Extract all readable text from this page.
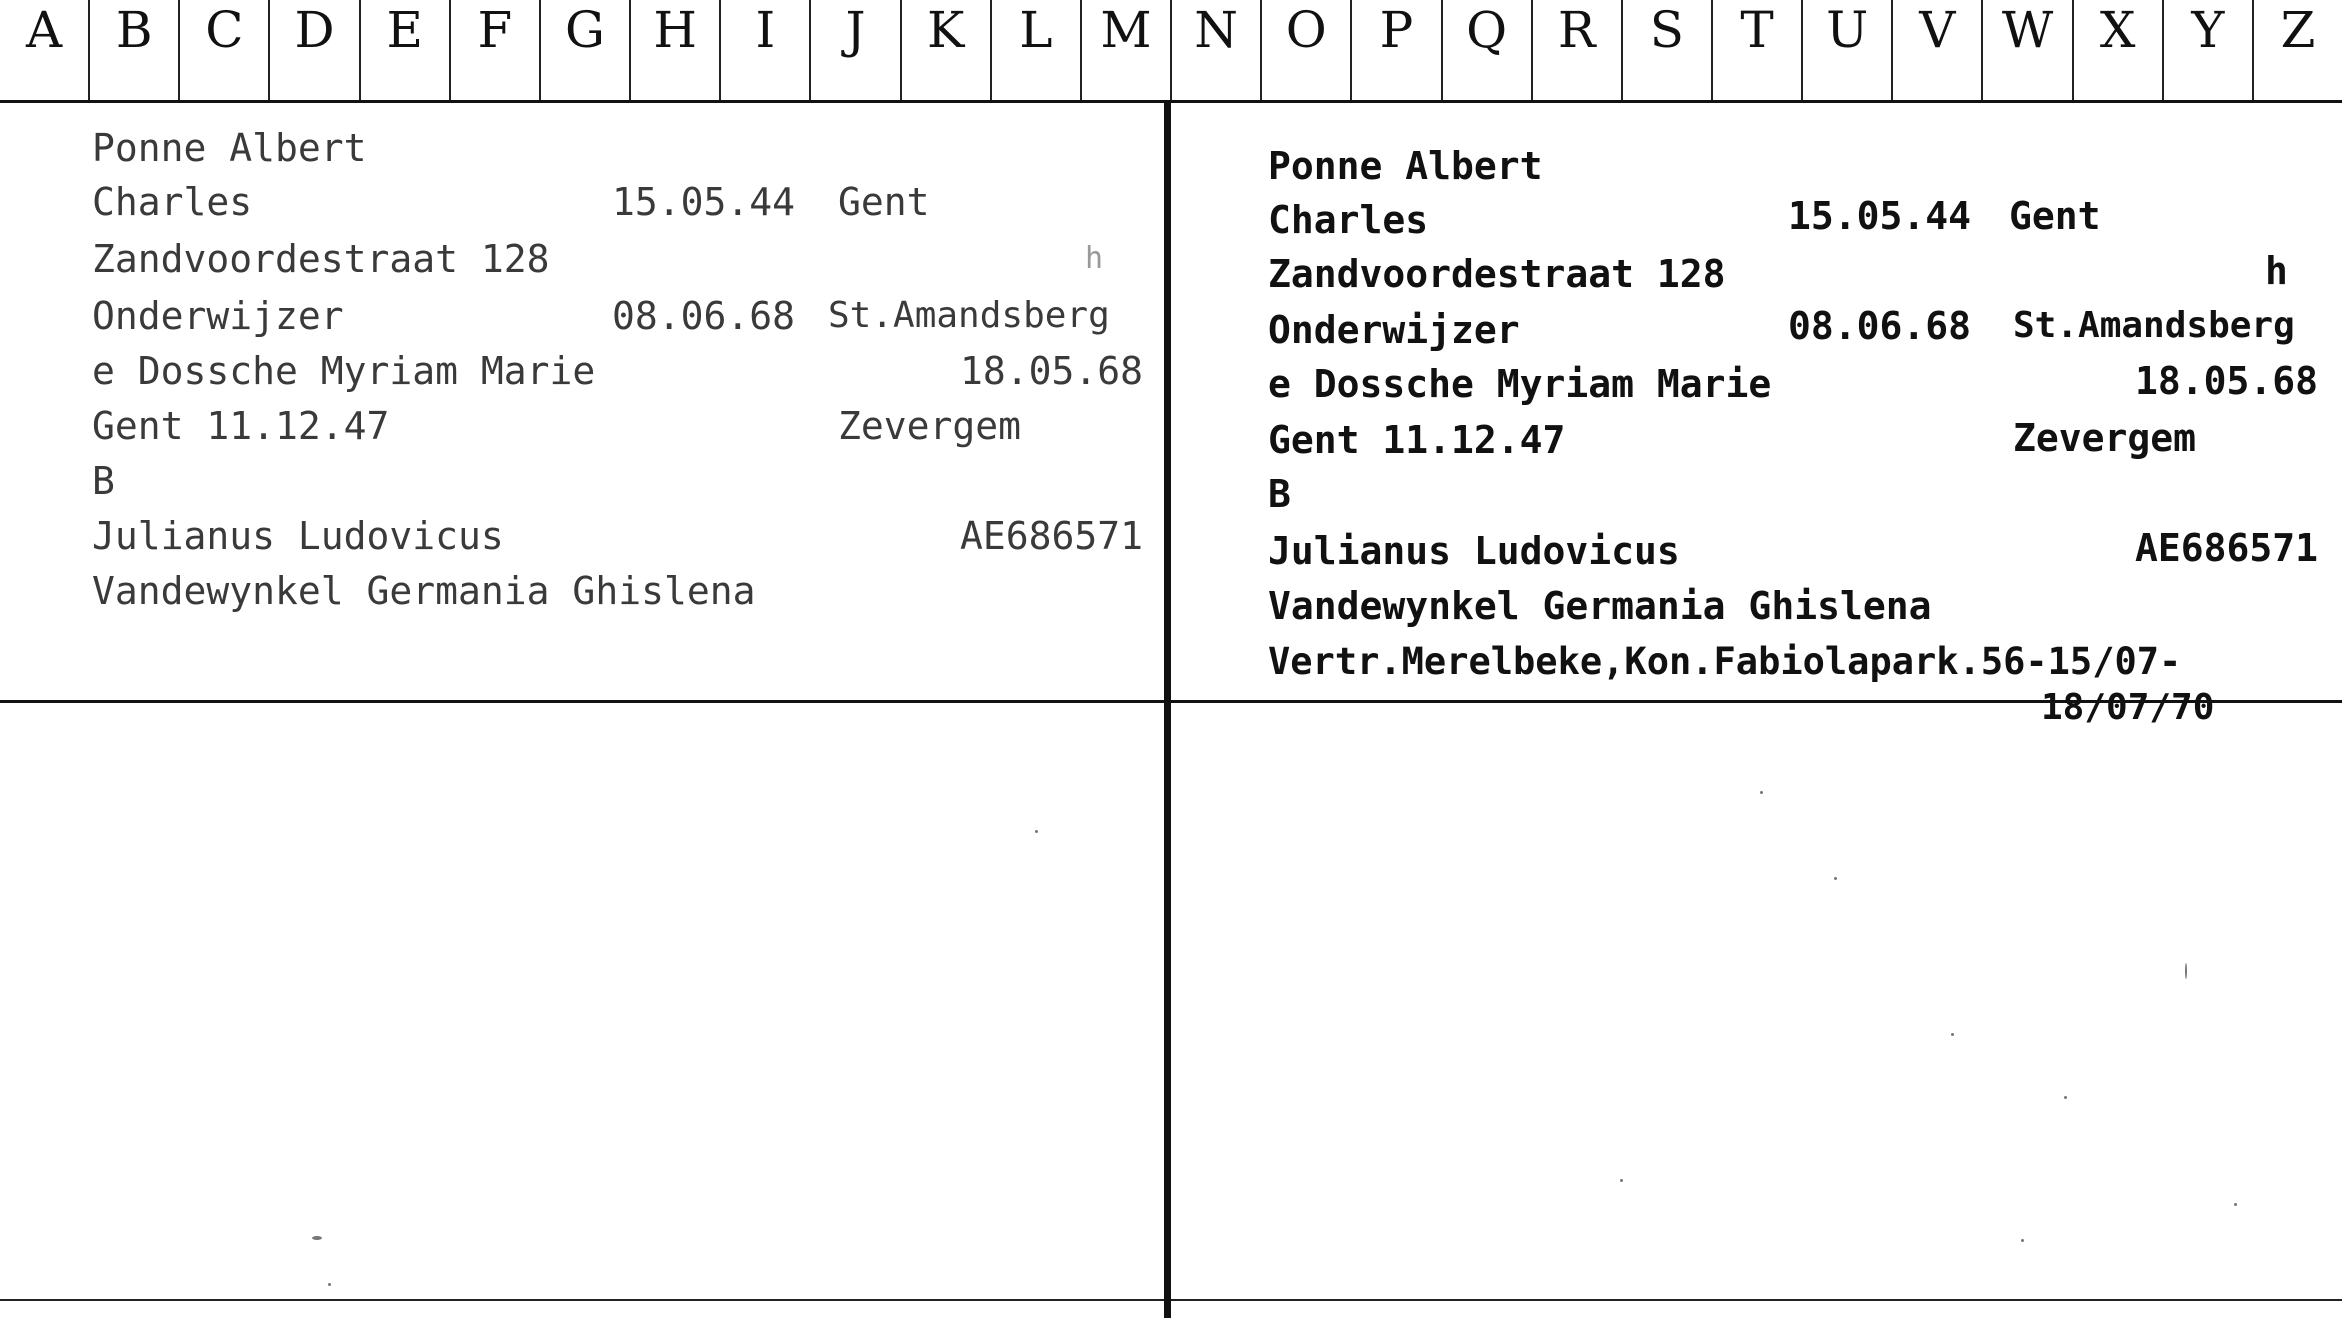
A	B	C	D	E	F	G H	I	J	K	L M N O	P	Q	R	S	T	U	V W X	Y	Z
Ponne Albert
Charles	15.05.44 Gent
Zandvoordestraat 128	h
Onderwijzer	08.06.68 St.Amandsberg
e Dossche Myriam Marie	18.05.68
Gent 11.12.47	Zevergem
B
Julianus Ludovicus	AE686571
Vandewynkel Germania Ghislena
Ponne Albert
Charles	15.05.44 Gent
Zandvoordestraat 128	h
Onderwijzer	08.06.68 St.Amandsberg
e Dossche Myriam Marie	18.05.68
Gent 11.12.47	Zevergem
B
Julianus Ludovicus	AE686571
Vandewynkel Germania Ghislena
Vertr.Merelbeke,Kon.Fabiolapark.56-15/07-
18/07/70
